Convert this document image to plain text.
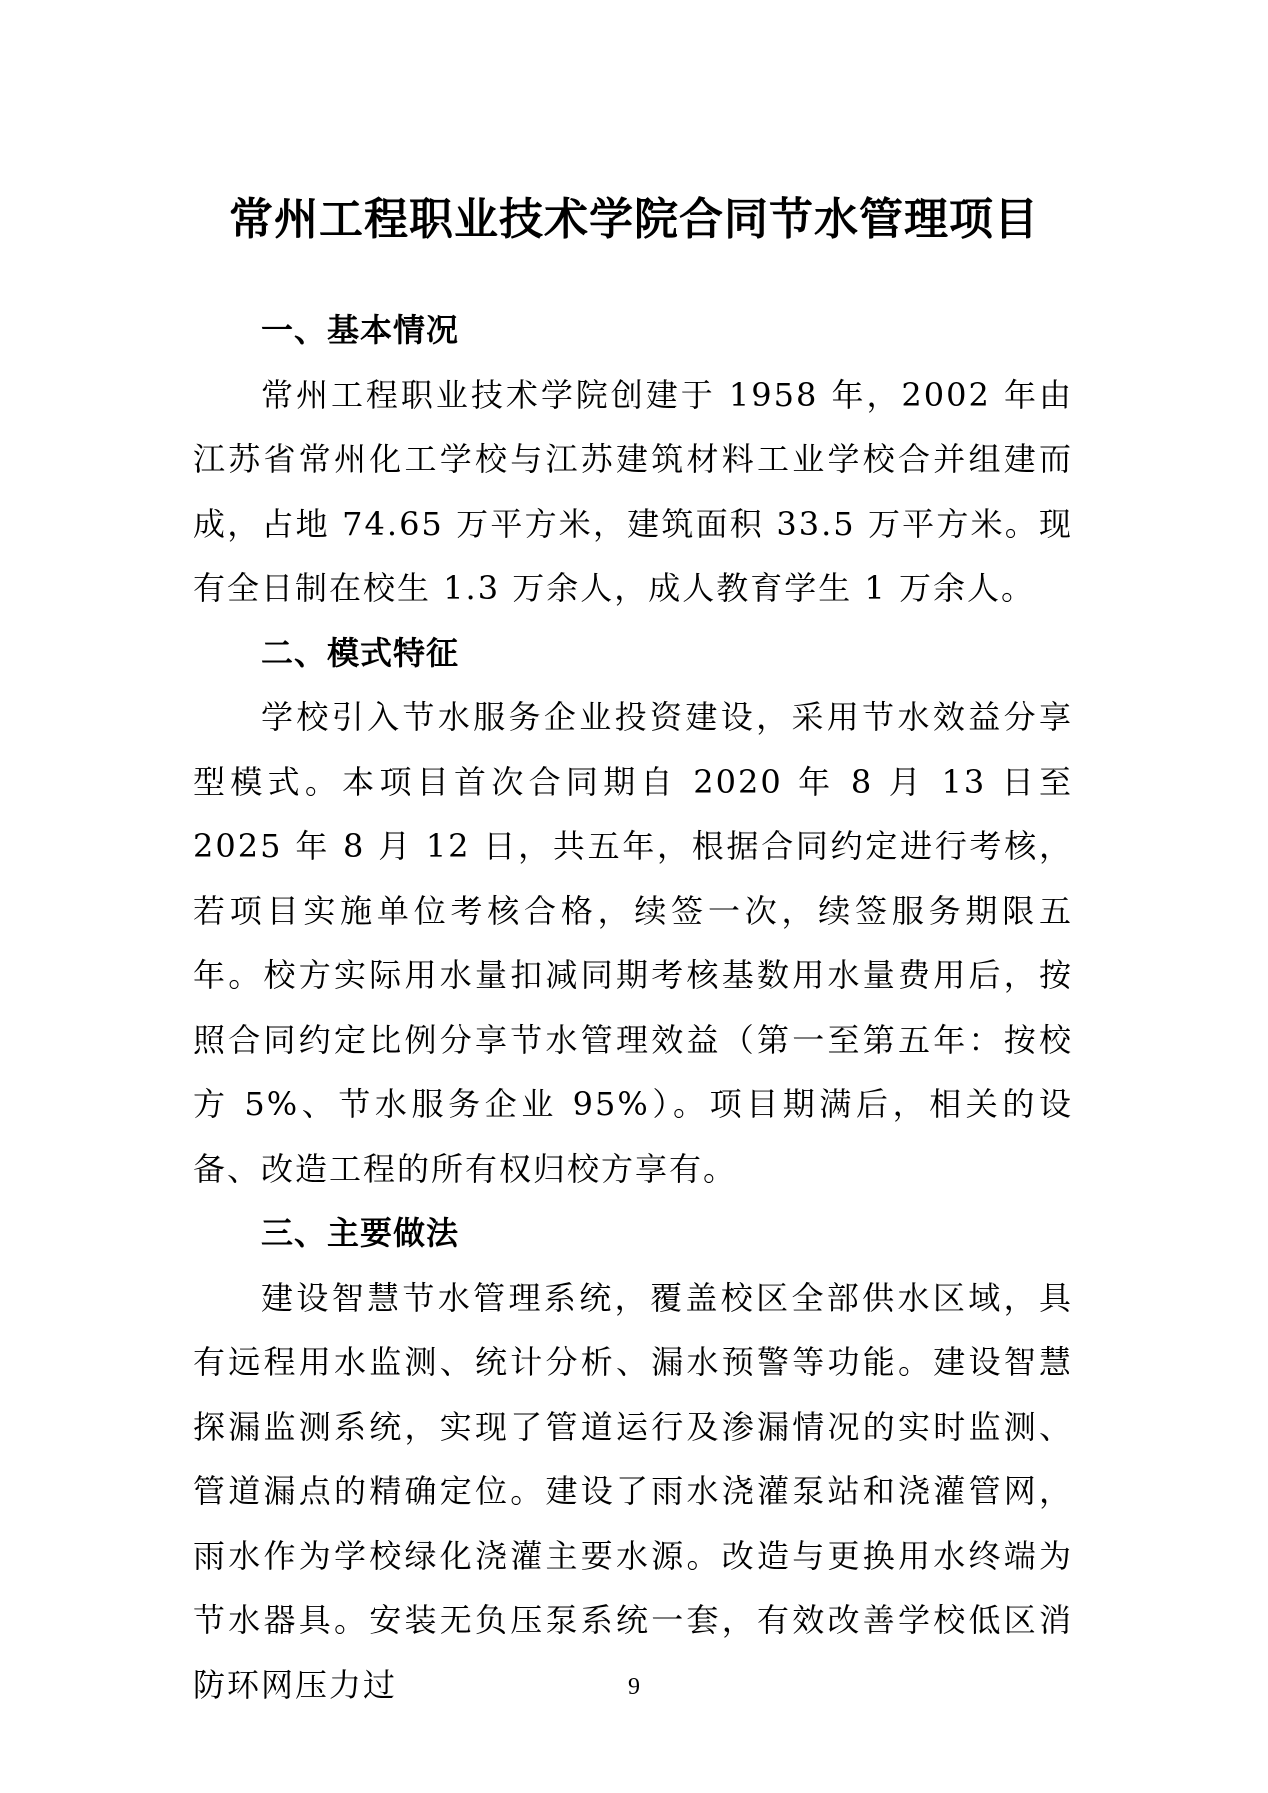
常州工程职业技术学院合同节水管理项目

一、基本情况

常州工程职业技术学院创建于 1958 年，2002 年由江苏省常州化工学校与江苏建筑材料工业学校合并组建而成，占地 74.65 万平方米，建筑面积 33.5 万平方米。现有全日制在校生 1.3 万余人，成人教育学生 1 万余人。

二、模式特征

学校引入节水服务企业投资建设，采用节水效益分享型模式。本项目首次合同期自 2020 年 8 月 13 日至 2025 年 8 月 12 日，共五年，根据合同约定进行考核，若项目实施单位考核合格，续签一次，续签服务期限五年。校方实际用水量扣减同期考核基数用水量费用后，按照合同约定比例分享节水管理效益（第一至第五年：按校方 5%、节水服务企业 95%）。项目期满后，相关的设备、改造工程的所有权归校方享有。

三、主要做法

建设智慧节水管理系统，覆盖校区全部供水区域，具有远程用水监测、统计分析、漏水预警等功能。建设智慧探漏监测系统，实现了管道运行及渗漏情况的实时监测、管道漏点的精确定位。建设了雨水浇灌泵站和浇灌管网，雨水作为学校绿化浇灌主要水源。改造与更换用水终端为节水器具。安装无负压泵系统一套，有效改善学校低区消防环网压力过	9
